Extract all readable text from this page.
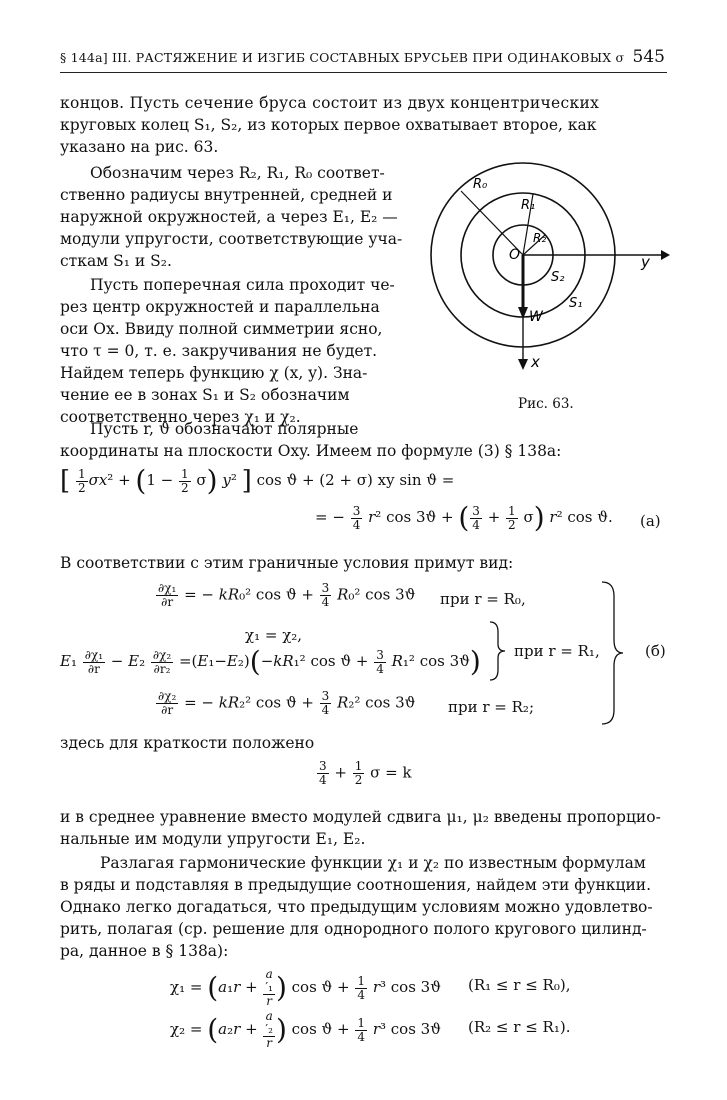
§ 144а] III. РАСТЯЖЕНИЕ И ИЗГИБ СОСТАВНЫХ БРУСЬЕВ ПРИ ОДИНАКОВЫХ σ 545
концов. Пусть сечение бруса состоит из двух концентрических
круговых колец S₁, S₂, из которых первое охватывает второе, как
указано на рис. 63.
Обозначим через R₂, R₁, R₀ соответ-
ственно радиусы внутренней, средней и
наружной окружностей, а через E₁, E₂ —
модули упругости, соответствующие уча-
сткам S₁ и S₂.
Пусть поперечная сила проходит че-
рез центр окружностей и параллельна
оси Ox. Ввиду полной симметрии ясно,
что τ = 0, т. е. закручивания не будет.
Найдем теперь функцию χ (x, y). Зна-
чение ее в зонах S₁ и S₂ обозначим
соответственно через χ₁ и χ₂.
R₀
R₁
R₂
O	y
x
W
S₂
S₁
Рис. 63.
Пусть r, ϑ обозначают полярные
координаты на плоскости Oxy. Имеем по формуле (3) § 138а:
[ $\frac{1}{2} \sigma x^2 + (1 - \frac{1}{2} \sigma)$ y² ] cos ϑ + (2 + σ) xy sin ϑ =
= − $\frac{3}{4} r^2$ cos 3ϑ + ( $\frac{3}{4} + \frac{1}{2} \sigma$) r² cos ϑ. (а)
В соответствии с этим граничные условия примут вид:
$\frac{\text{∂χ₁}}{\partial r}$ = − kR₀² $\cos ϑ + \frac{3}{4} R_0^2$ cos 3ϑ при r = R₀,
χ₁ = χ₂,
$E_1 \frac{\text{∂χ₁}}{\partial r} - E_2 \frac{\text{∂χ₂}}{\text{∂r₂}} =(E_1-E_2)(-kR_1^2$ $\cos ϑ + \frac{3}{4} R_1^2$ cos 3ϑ) при r = R₁,
$\frac{\text{∂χ₂}}{\partial r}$ = − kR₂² $\cos ϑ + \frac{3}{4} R_2^2$ cos 3ϑ при r = R₂;
(б)
здесь для краткости положено
$\frac{3}{4} + \frac{1}{2}$ σ = k
и в среднее уравнение вместо модулей сдвига μ₁, μ₂ введены пропорцио-
нальные им модули упругости E₁, E₂.
Разлагая гармонические функции χ₁ и χ₂ по известным формулам
в ряды и подставляя в предыдущие соотношения, найдем эти функции.
Однако легко догадаться, что предыдущим условиям можно удовлетво-
рить, полагая (ср. решение для однородного полого кругового цилинд-
ра, данное в § 138а):
χ₁ = (a₁r + a
′₁
r ) $\cos ϑ + \frac{1}{4} r^3$ cos 3ϑ (R₁ ≤ r ≤ R₀),
χ₂ = (a₂r + a
′₂
r ) $\cos ϑ + \frac{1}{4} r^3$ cos 3ϑ (R₂ ≤ r ≤ R₁).
